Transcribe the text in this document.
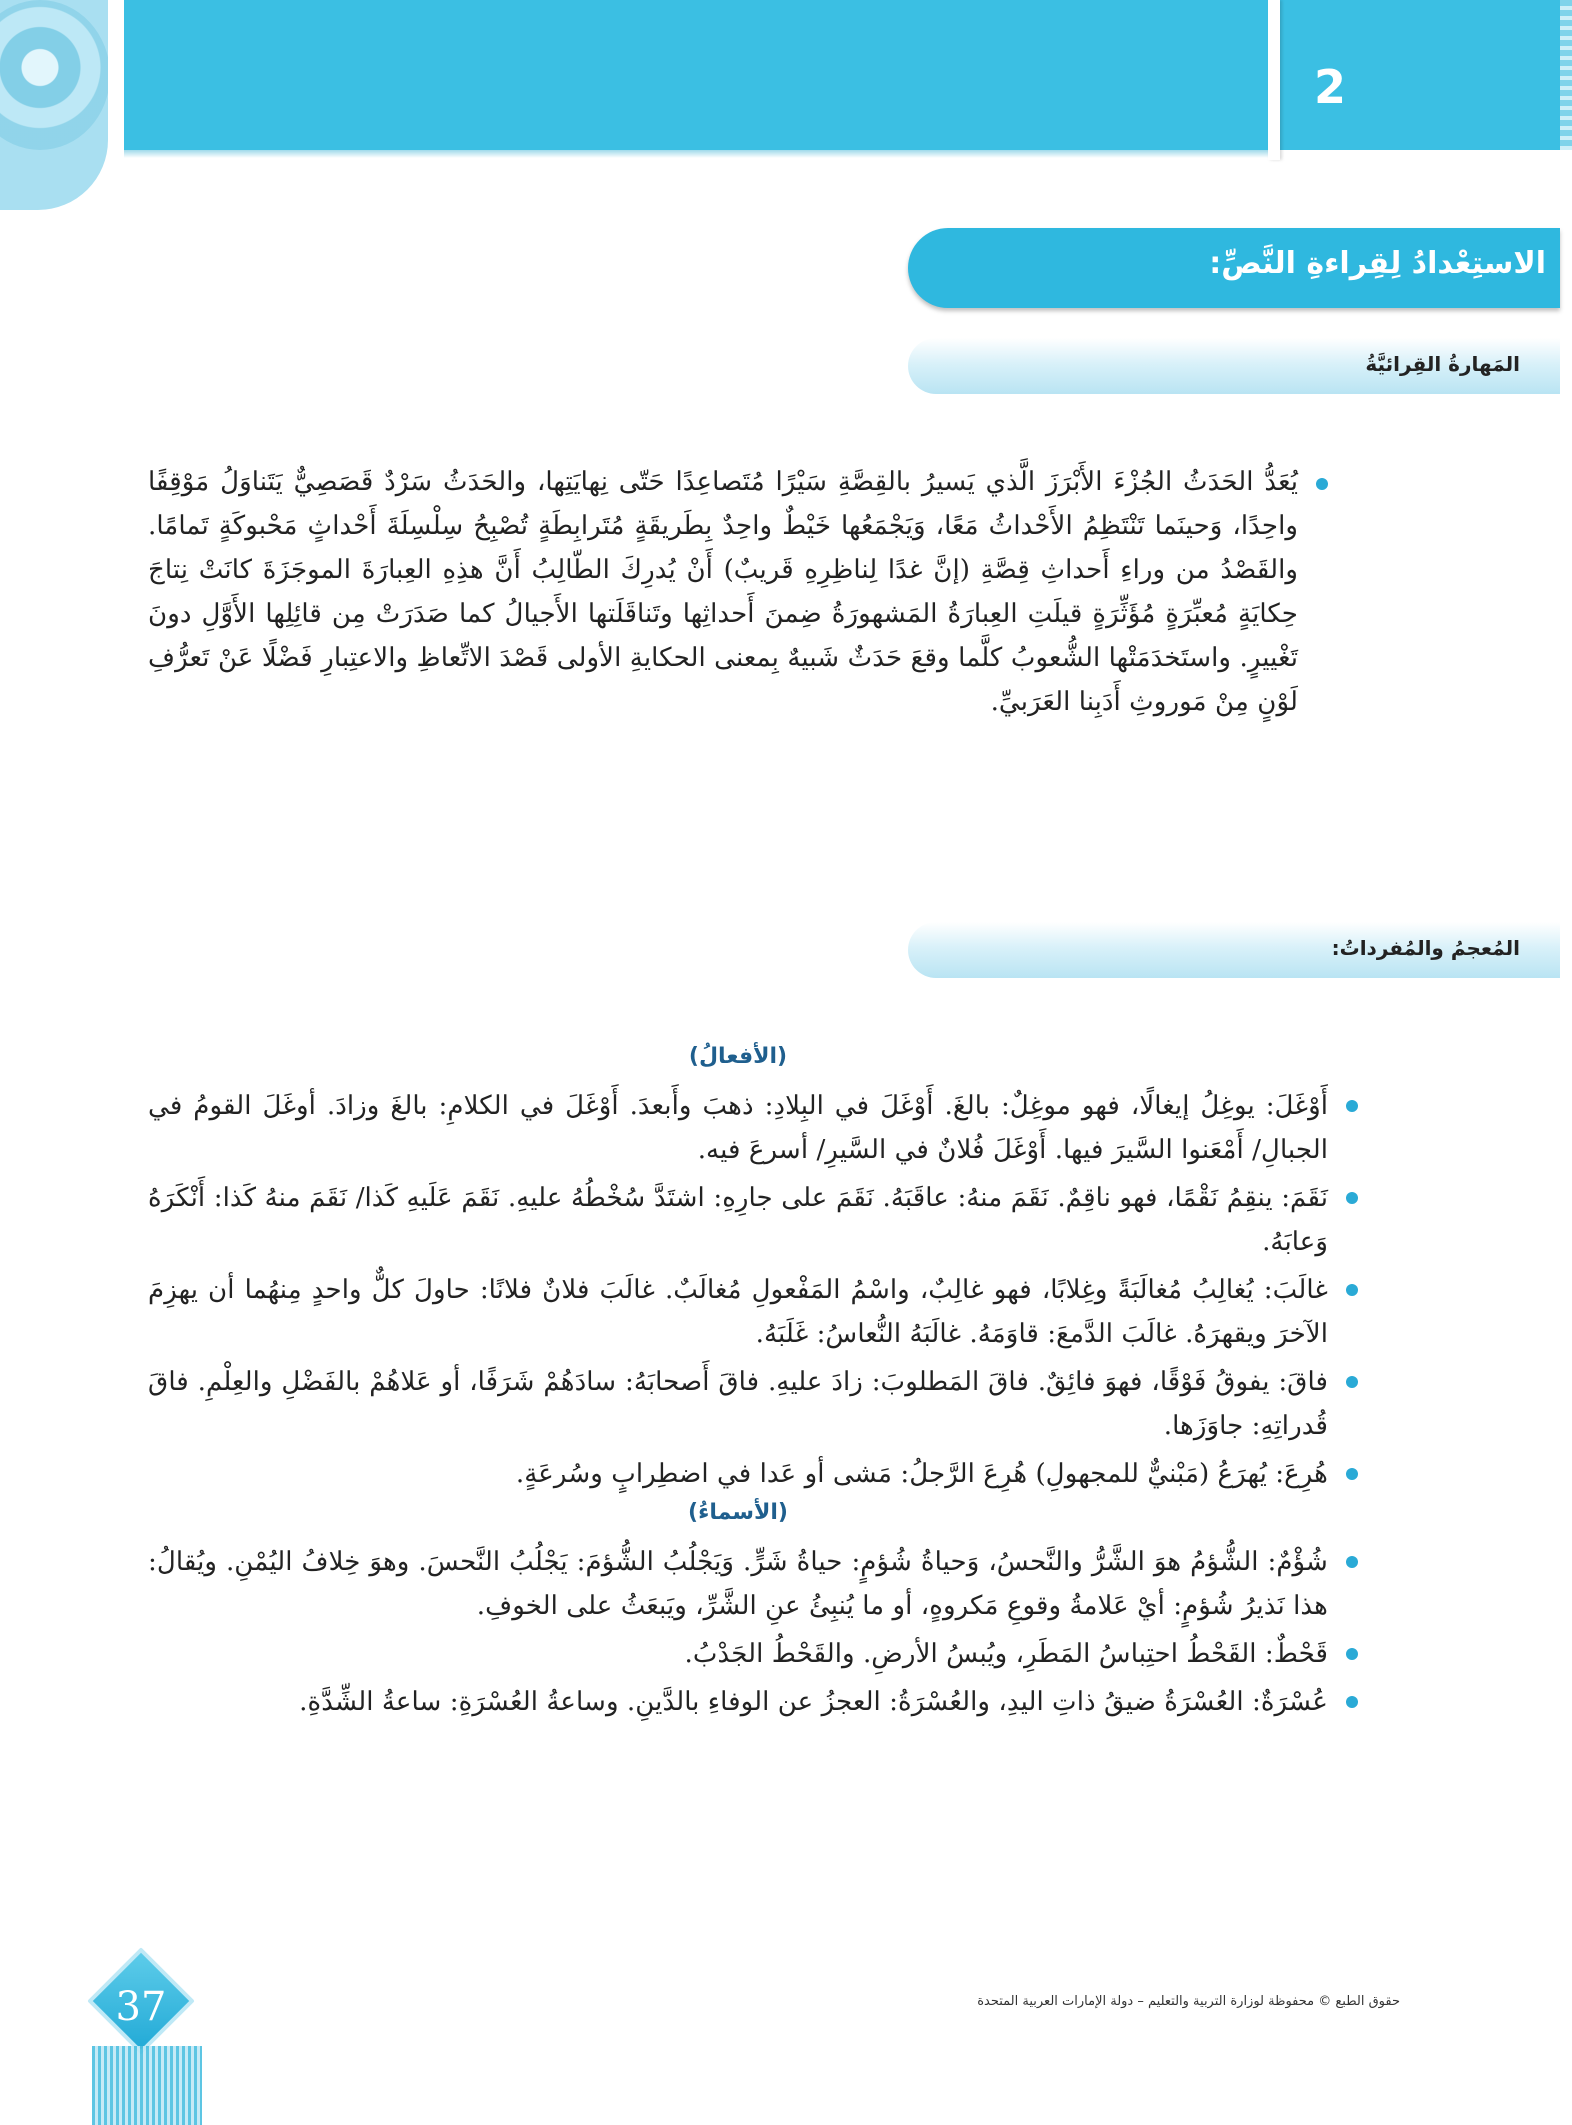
2
الاستِعْدادُ لِقِراءةِ النَّصِّ:
المَهارةُ القِرائيَّةُ
يُعَدُّ الحَدَثُ الجُزْءَ الأَبْرَزَ الَّذي يَسيرُ بالقِصَّةِ سَيْرًا مُتَصاعِدًا حَتّى نِهايَتِها، والحَدَثُ سَرْدٌ قَصَصِيٌّ يَتَناوَلُ مَوْقِفًا واحِدًا، وَحينَما تَنْتَظِمُ الأَحْداثُ مَعًا، وَيَجْمَعُها خَيْطٌ واحِدٌ بِطَريقَةٍ مُتَرابِطَةٍ تُصْبِحُ سِلْسِلَةَ أَحْداثٍ مَحْبوكَةٍ تَمامًا. والقَصْدُ من وراءِ أَحداثِ قِصَّةِ (إنَّ غدًا لِناظِرِهِ قَريبٌ) أَنْ يُدرِكَ الطّالِبُ أَنَّ هذِهِ العِبارَةَ الموجَزَةَ كانَتْ نِتاجَ حِكايَةٍ مُعبِّرَةٍ مُؤَثِّرَةٍ قيلَتِ العِبارَةُ المَشهورَةُ ضِمنَ أَحداثِها وتَناقَلَتها الأَجيالُ كما صَدَرَتْ مِن قائِلِها الأَوَّلِ دونَ تَغْييرٍ. واستَخدَمَتْها الشُّعوبُ كلَّما وقعَ حَدَثٌ شَبيهٌ بِمعنى الحكايةِ الأولى قَصْدَ الاتِّعاظِ والاعتِبارِ فَضْلًا عَنْ تَعرُّفِ لَوْنٍ مِنْ مَوروثِ أَدَبِنا العَرَبيِّ.
المُعجمُ والمُفرداتُ:
(الأفعالُ)
أَوْغَلَ: يوغِلُ إيغالًا، فهو موغِلٌ: بالغَ. أَوْغَلَ في البِلادِ: ذهبَ وأَبعدَ. أَوْغَلَ في الكلامِ: بالغَ وزادَ. أوغَلَ القومُ في الجبالِ/ أَمْعَنوا السَّيرَ فيها. أَوْغَلَ فُلانٌ في السَّيرِ/ أسرعَ فيه.
نَقَمَ: ينقِمُ نَقْمًا، فهو ناقِمٌ. نَقَمَ منهُ: عاقَبَهُ. نَقَمَ على جارِهِ: اشتَدَّ سُخْطُهُ عليهِ. نَقَمَ عَلَيهِ كَذا/ نَقَمَ منهُ كَذا: أَنْكَرَهُ وَعابَهُ.
غالَبَ: يُغالِبُ مُغالَبَةً وغِلابًا، فهو غالِبٌ، واسْمُ المَفْعولِ مُغالَبٌ. غالَبَ فلانٌ فلانًا: حاولَ كلٌّ واحدٍ مِنهُما أن يهزِمَ الآخرَ ويقهرَهُ. غالَبَ الدَّمعَ: قاوَمَهُ. غالَبَهُ النُّعاسُ: غَلَبَهُ.
فاقَ: يفوقُ فَوْقًا، فهوَ فائِقٌ. فاقَ المَطلوبَ: زادَ عليهِ. فاقَ أَصحابَهُ: سادَهُمْ شَرَفًا، أو عَلاهُمْ بالفَضْلِ والعِلْمِ. فاقَ قُدراتِهِ: جاوَزَها.
هُرِعَ: يُهرَعُ (مَبْنيٌّ للمجهولِ) هُرِعَ الرَّجلُ: مَشى أو عَدا في اضطِرابٍ وسُرعَةٍ.
(الأسماءُ)
شُؤْمٌ: الشُّؤمُ هوَ الشَّرُّ والنَّحسُ، وَحياةُ شُؤمٍ: حياةُ شَرٍّ. وَيَجْلُبُ الشُّؤمَ: يَجْلُبُ النَّحسَ. وهوَ خِلافُ اليُمْنِ. ويُقالُ: هذا نَذيرُ شُؤمٍ: أيْ عَلامةُ وقوعِ مَكروهٍ، أو ما يُنبِئُ عنِ الشَّرِّ، ويَبعَثُ على الخوفِ.
قَحْطٌ: القَحْطُ احتِباسُ المَطَرِ، ويُبسُ الأرضِ. والقَحْطُ الجَدْبُ.
عُسْرَةٌ: العُسْرَةُ ضيقُ ذاتِ اليدِ، والعُسْرَةُ: العجزُ عن الوفاءِ بالدَّينِ. وساعةُ العُسْرَةِ: ساعةُ الشِّدَّةِ.
37	حقوق الطبع © محفوظة لوزارة التربية والتعليم – دولة الإمارات العربية المتحدة
